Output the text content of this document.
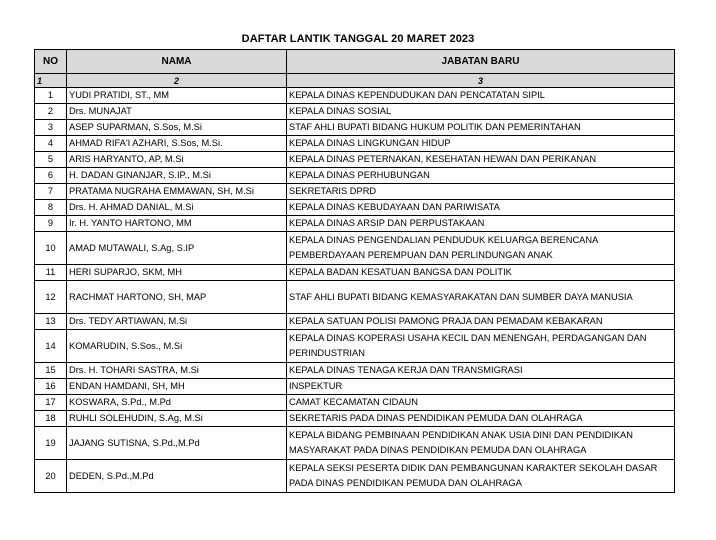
DAFTAR LANTIK TANGGAL 20 MARET 2023
NO	NAMA	JABATAN BARU
1	2	3
1	YUDI PRATIDI, ST., MM	KEPALA DINAS KEPENDUDUKAN DAN PENCATATAN SIPIL
2	Drs. MUNAJAT	KEPALA DINAS SOSIAL
3	ASEP SUPARMAN, S.Sos, M.Si	STAF AHLI BUPATI BIDANG HUKUM POLITIK DAN PEMERINTAHAN
4	AHMAD RIFA'I AZHARI, S.Sos, M.Si.	KEPALA DINAS LINGKUNGAN HIDUP
5	ARIS HARYANTO, AP, M.Si	KEPALA DINAS PETERNAKAN, KESEHATAN HEWAN DAN PERIKANAN
6	H. DADAN GINANJAR, S.IP., M.Si	KEPALA DINAS PERHUBUNGAN
7	PRATAMA NUGRAHA EMMAWAN, SH, M.Si	SEKRETARIS DPRD
8	Drs. H. AHMAD DANIAL, M.Si	KEPALA DINAS KEBUDAYAAN DAN PARIWISATA
9	Ir. H. YANTO HARTONO, MM	KEPALA DINAS ARSIP DAN PERPUSTAKAAN
10	AMAD MUTAWALI, S.Ag, S.IP	KEPALA DINAS PENGENDALIAN PENDUDUK KELUARGA BERENCANA PEMBERDAYAAN PEREMPUAN DAN PERLINDUNGAN ANAK
11	HERI SUPARJO, SKM, MH	KEPALA BADAN KESATUAN BANGSA DAN POLITIK
12	RACHMAT HARTONO, SH, MAP	STAF AHLI BUPATI BIDANG KEMASYARAKATAN DAN SUMBER DAYA MANUSIA
13	Drs. TEDY ARTIAWAN, M.Si	KEPALA SATUAN POLISI PAMONG PRAJA DAN PEMADAM KEBAKARAN
14	KOMARUDIN, S.Sos., M.Si	KEPALA DINAS KOPERASI USAHA KECIL DAN MENENGAH, PERDAGANGAN DAN PERINDUSTRIAN
15	Drs. H. TOHARI SASTRA, M.Si	KEPALA DINAS TENAGA KERJA DAN TRANSMIGRASI
16	ENDAN HAMDANI, SH, MH	INSPEKTUR
17	KOSWARA, S.Pd., M.Pd	CAMAT KECAMATAN CIDAUN
18	RUHLI SOLEHUDIN, S.Ag, M.Si	SEKRETARIS PADA DINAS PENDIDIKAN PEMUDA DAN OLAHRAGA
19	JAJANG SUTISNA, S.Pd.,M.Pd	KEPALA BIDANG PEMBINAAN PENDIDIKAN ANAK USIA DINI DAN PENDIDIKAN MASYARAKAT PADA DINAS PENDIDIKAN PEMUDA DAN OLAHRAGA
20	DEDEN, S.Pd.,M.Pd	KEPALA SEKSI PESERTA DIDIK DAN PEMBANGUNAN KARAKTER SEKOLAH DASAR PADA DINAS PENDIDIKAN PEMUDA DAN OLAHRAGA
